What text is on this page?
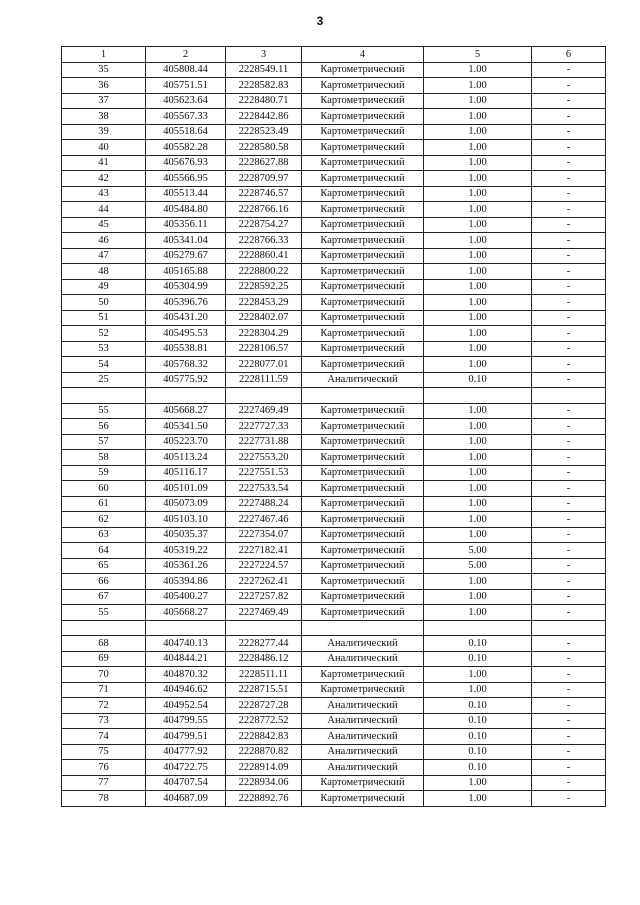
3
1	2	3	4	5	6
35	405808.44	2228549.11	Картометрический	1.00	-
36	405751.51	2228582.83	Картометрический	1.00	-
37	405623.64	2228480.71	Картометрический	1.00	-
38	405567.33	2228442.86	Картометрический	1.00	-
39	405518.64	2228523.49	Картометрический	1.00	-
40	405582.28	2228580.58	Картометрический	1.00	-
41	405676.93	2228627.88	Картометрический	1.00	-
42	405566.95	2228709.97	Картометрический	1.00	-
43	405513.44	2228746.57	Картометрический	1.00	-
44	405484.80	2228766.16	Картометрический	1.00	-
45	405356.11	2228754.27	Картометрический	1.00	-
46	405341.04	2228766.33	Картометрический	1.00	-
47	405279.67	2228860.41	Картометрический	1.00	-
48	405165.88	2228800.22	Картометрический	1.00	-
49	405304.99	2228592.25	Картометрический	1.00	-
50	405396.76	2228453.29	Картометрический	1.00	-
51	405431.20	2228402.07	Картометрический	1.00	-
52	405495.53	2228304.29	Картометрический	1.00	-
53	405538.81	2228106.57	Картометрический	1.00	-
54	405768.32	2228077.01	Картометрический	1.00	-
25	405775.92	2228111.59	Аналитический	0.10	-

55	405668.27	2227469.49	Картометрический	1.00	-
56	405341.50	2227727.33	Картометрический	1.00	-
57	405223.70	2227731.88	Картометрический	1.00	-
58	405113.24	2227553.20	Картометрический	1.00	-
59	405116.17	2227551.53	Картометрический	1.00	-
60	405101.09	2227533.54	Картометрический	1.00	-
61	405073.09	2227488.24	Картометрический	1.00	-
62	405103.10	2227467.46	Картометрический	1.00	-
63	405035.37	2227354.07	Картометрический	1.00	-
64	405319.22	2227182.41	Картометрический	5.00	-
65	405361.26	2227224.57	Картометрический	5.00	-
66	405394.86	2227262.41	Картометрический	1.00	-
67	405400.27	2227257.82	Картометрический	1.00	-
55	405668.27	2227469.49	Картометрический	1.00	-

68	404740.13	2228277.44	Аналитический	0.10	-
69	404844.21	2228486.12	Аналитический	0.10	-
70	404870.32	2228511.11	Картометрический	1.00	-
71	404946.62	2228715.51	Картометрический	1.00	-
72	404952.54	2228727.28	Аналитический	0.10	-
73	404799.55	2228772.52	Аналитический	0.10	-
74	404799.51	2228842.83	Аналитический	0.10	-
75	404777.92	2228870.82	Аналитический	0.10	-
76	404722.75	2228914.09	Аналитический	0.10	-
77	404707.54	2228934.06	Картометрический	1.00	-
78	404687.09	2228892.76	Картометрический	1.00	-
